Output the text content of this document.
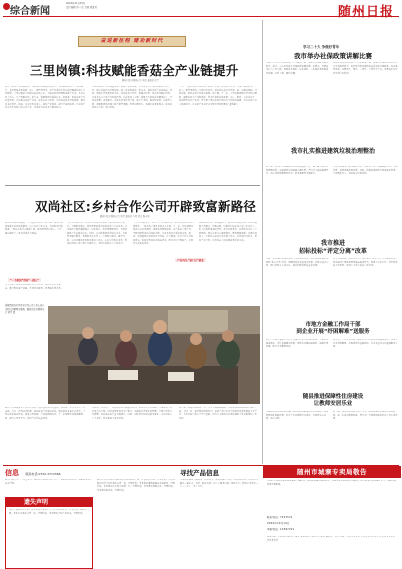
综合新闻
2022年11月15日
责任编辑 钟一杰 美编 胡亚玲	随州日报
奋进新征程 建功新时代
三里岗镇:科技赋能香菇全产业链提升
随州日报全媒体记者 刘伟 通讯员 张平
近日，随县三里岗镇香菇产业链项目推进会在镇召开，科技赋能香菇全产业链提升，会议围绕香菇种植、加工、销售等环节，对产业发展中存在的问题进行深入分析研究。三里岗镇是全国闻名的香菇之乡，全镇香菇种植面积达数千万袋，从业人员上万人，年产值数亿元。近年来，该镇积极引进新技术、新设备，推动香菇产业转型升级，先后建成香菇产业园、香菇交易市场等，带动周边群众增收致富。镇党委书记表示，将进一步加大科技投入，延伸产业链条，提升产品附加值，让香菇产业成为乡村振兴的支柱产业，为群众带来更多实惠和收益。
为推动香菇产业高质量发展，该镇与省农科院、华中农业大学等科研院所开展合作，建立香菇科技示范基地，推广香菇新品种、新技术，提高香菇产量和品质。同时，积极培育新型经营主体，发展香菇合作社、家庭农场等，完善利益联结机制，让更多农户分享产业发展红利。在香菇加工方面，该镇大力发展香菇精深加工，开发香菇酱、香菇脆片、香菇饮料等系列产品，延长产业链，提高附加值。在销售方面，该镇积极拓展线上线下销售渠道，利用电商平台、直播带货等新模式，推动香菇走向全国、走向世界。
当天，与会人员还实地参观了香菇产业园、香菇加工企业，详细了解香菇生产、加工、销售等情况。大家纷纷表示，将以此次会议为契机，进一步解放思想、开拓创新，推动香菇产业做大做强。据了解，下一步，三里岗镇将继续坚持科技赋能，聚焦香菇全产业链发展，着力打造集香菇种植、加工、销售、文化旅游于一体的现代农业产业园，努力把三里岗香菇打造成为全国知名品牌，为乡村振兴注入强劲动力，让香菇产业真正成为群众增收致富的“金钥匙”。
双尚社区:乡村合作公司开辟致富新路径
随州日报全媒体记者 刘星 通讯员 李寒 郑文 魏小明
双尚社区是高城镇的一个典型农业社区，近年来，该社区积极探索乡村发展新路径，成立乡村合作公司，带动群众增收致富。“现在在家门口就能上班，每月还有稳定收入，日子越过越好了。”社区居民高兴地说。
“一个组织”带动“一群人”
今年以来，双尚社区组建乡村合作公司，由社区党支部牵头，整合集体资产资源，开展物业服务、劳务输出等业务。
合作公司成立后，社区党支部书记带领班子成员挨家挨户走访，了解群众需求，组织有劳动能力的群众参与公司业务。公司承接了镇区道路保洁、绿化养护、物业管理等项目，为群众提供了大量就业岗位。同时，公司还积极对接周边企业，开展劳务输出服务，帮助群众外出务工，实现稳定就业。截至目前，公司已吸纳社区群众就业上百人，人均年增收万余元，集体经济收入也实现了大幅增长，为社区发展注入了新活力。
“合作公司的成立，既壮大了村集体经济，又让群众在家门口实现就业，一举多得。”该社区负责人介绍，下一步，社区将继续拓展公司业务范围，探索发展特色种养、农产品加工等产业，不断增强集体经济造血功能，让更多群众共享发展成果。据悉，高城镇将以双尚社区为样板，在全镇推广乡村合作公司发展模式，推动村集体经济提质增效，助力乡村全面振兴，让群众生活更加美好。
产业兴旺,“家门口”就业
走进双尚社区，处处呈现出一派生机勃勃的景象。社区内道路干净整洁，绿树成荫，居民们忙碌在各自的工作岗位上，脸上洋溢着幸福的笑容。社区居民表示，以前要外出打工才能挣钱，现在在家门口就能就业，既能照顾家庭，又能增加收入，大家对未来的生活充满了信心。社区将持续发力，推动产业兴旺，让群众过上更加富裕美好的生活。
高城镇双尚社区乡村合作公司工作人员在为村民讲解物业服务。随州日报全媒体记者 刘星 摄
随县三里岗镇香菇产业持续发展，镇党委政府高度重视，把香菇产业作为主导产业来抓，出台一系列扶持政策，推动香菇产业提质增效。镇香菇协会负责人表示，三里岗香菇品质优良，深受市场欢迎，产品远销海内外。下一步将继续加强品牌建设，提升市场竞争力，推动产业高质量发展。
在香菇产业园内，一排排标准化大棚整齐排列，菇农们正忙着采摘、分拣香菇。园区负责人介绍，园区采用标准化生产模式，从菌种培育到出菇管理，全程实行科学化管理，香菇品质和产量大幅提升。同时，园区还带动周边群众就业，人均月收入三千余元，有效促进了群众增收。
近年来，该镇围绕香菇产业，大力实施品牌战略，先后获得国家地理标志保护产品、全国一村一品示范村镇等称号。香菇产业已成为当地群众增收致富的主导产业，为乡村振兴奠定了坚实基础，也为全市特色农业发展提供了有益借鉴和宝贵经验。
学习二十大 争做好青年
我市举办社保政策讲解比赛
为深入学习宣传贯彻党的二十大精神，进一步提升社保经办服务能力，近日，市人社局举办社保政策讲解比赛。比赛中，参赛选手结合工作实际，围绕养老保险、失业保险、工伤保险等政策进行讲解，内容丰富，通俗易懂。
本次比赛旨在以赛促学、以赛促练，进一步提高社保经办人员业务水平和服务能力，更好地为群众提供优质高效的社保服务。经过激烈角逐，比赛评出一等奖、二等奖、三等奖若干名。参赛选手纷纷表示将学以致用。
我市扎实推进建筑垃圾治理整治
近年来，我市扎实推进建筑垃圾治理整治工作，建立健全建筑垃圾管理制度，加强建筑垃圾运输车辆监管，严厉打击违法倾倒行为，城市环境面貌明显改善，群众满意度不断提升。
市城管执法部门加大巡查力度，对建筑工地、运输线路实行全天候监管，发现问题及时处置。同时，积极推进建筑垃圾资源化利用，实现变废为宝，推动城市绿色发展。
我市推进
招标投标“评定分离”改革
为进一步规范招标投标活动，优化营商环境，我市积极推进招标投标“评定分离”改革，明确评标委员会负责评审、招标人负责定标，落实招标人主体责任，提高招标投标质量和效率。
改革实施以来，我市已有多个项目采用“评定分离”方式完成招标，有效遏制了围标串标等违法违规行为，营造了公平公正、竞争有序的市场环境，获得了市场主体的广泛好评。
市地方金融工作局干部
到企业开展“纾困解难”送服务
近日，市地方金融工作局干部深入企业开展走访活动，了解企业融资需求，宣传金融惠企政策，帮助企业解决融资难、融资贵等问题，助力企业健康发展。
走访中，工作人员详细了解企业生产经营状况和融资需求，现场为企业答疑解惑，并积极对接金融机构，为企业量身定制金融服务方案。
随县推进保障性住房建设
让教师安居乐业
为解决教师住房困难问题，随县积极推进保障性住房建设，新建教师周转房数百套，改善了乡村教师居住条件，让教师安心从教、热心从教。
据了解，随县将继续加大投入力度，统筹推进教师保障性住房建设，进一步完善配套设施，努力为广大教师创造良好的工作生活环境。
信息 服务电话:0722-3713366
随州日报分类广告刊登业务，承接各类遗失声明、公告、启事等信息发布，欢迎新老客户来电咨询。
遗失声明
本人不慎遗失身份证、营业执照正副本、开户许可证等证件，声明作废。特此声明。某某公司遗失公章一枚，声明作废。某某遗失不动产权证书，声明作废。
随州市某某有限公司遗失营业执照副本，统一社会信用代码，声明作废。某某村股份经济合作社遗失公章一枚，声明作废。某某遗失道路运输从业资格证，声明作废。某某遗失出生医学证明一份，声明作废。某某遗失残疾人证，声明作废。某某遗失退伍证，声明作废。
寻找产品信息
为保障消费者合法权益，现对以下产品信息进行寻找，请知情者及时与有关部门联系。联系人：某某，联系电话：见上方服务电话。特此公告。随州市某某局二〇二二年十一月十五日。
随州市城寨专卖局敬告
为维护市场经济秩序和消费者合法权益，根据相关法律法规规定，对随州市区域内烟草制品零售许可证发放情况进行公告，欢迎社会各界监督举报。
联系电话: 7221571
2022年10月14日
举报电话: 13397221
举报电话：12313 2022年10月 举报地址：随州市曾都区 联系人：某某 电话：某某某某某某 某某某某某某某某 某某某某某某某 某某某某某
